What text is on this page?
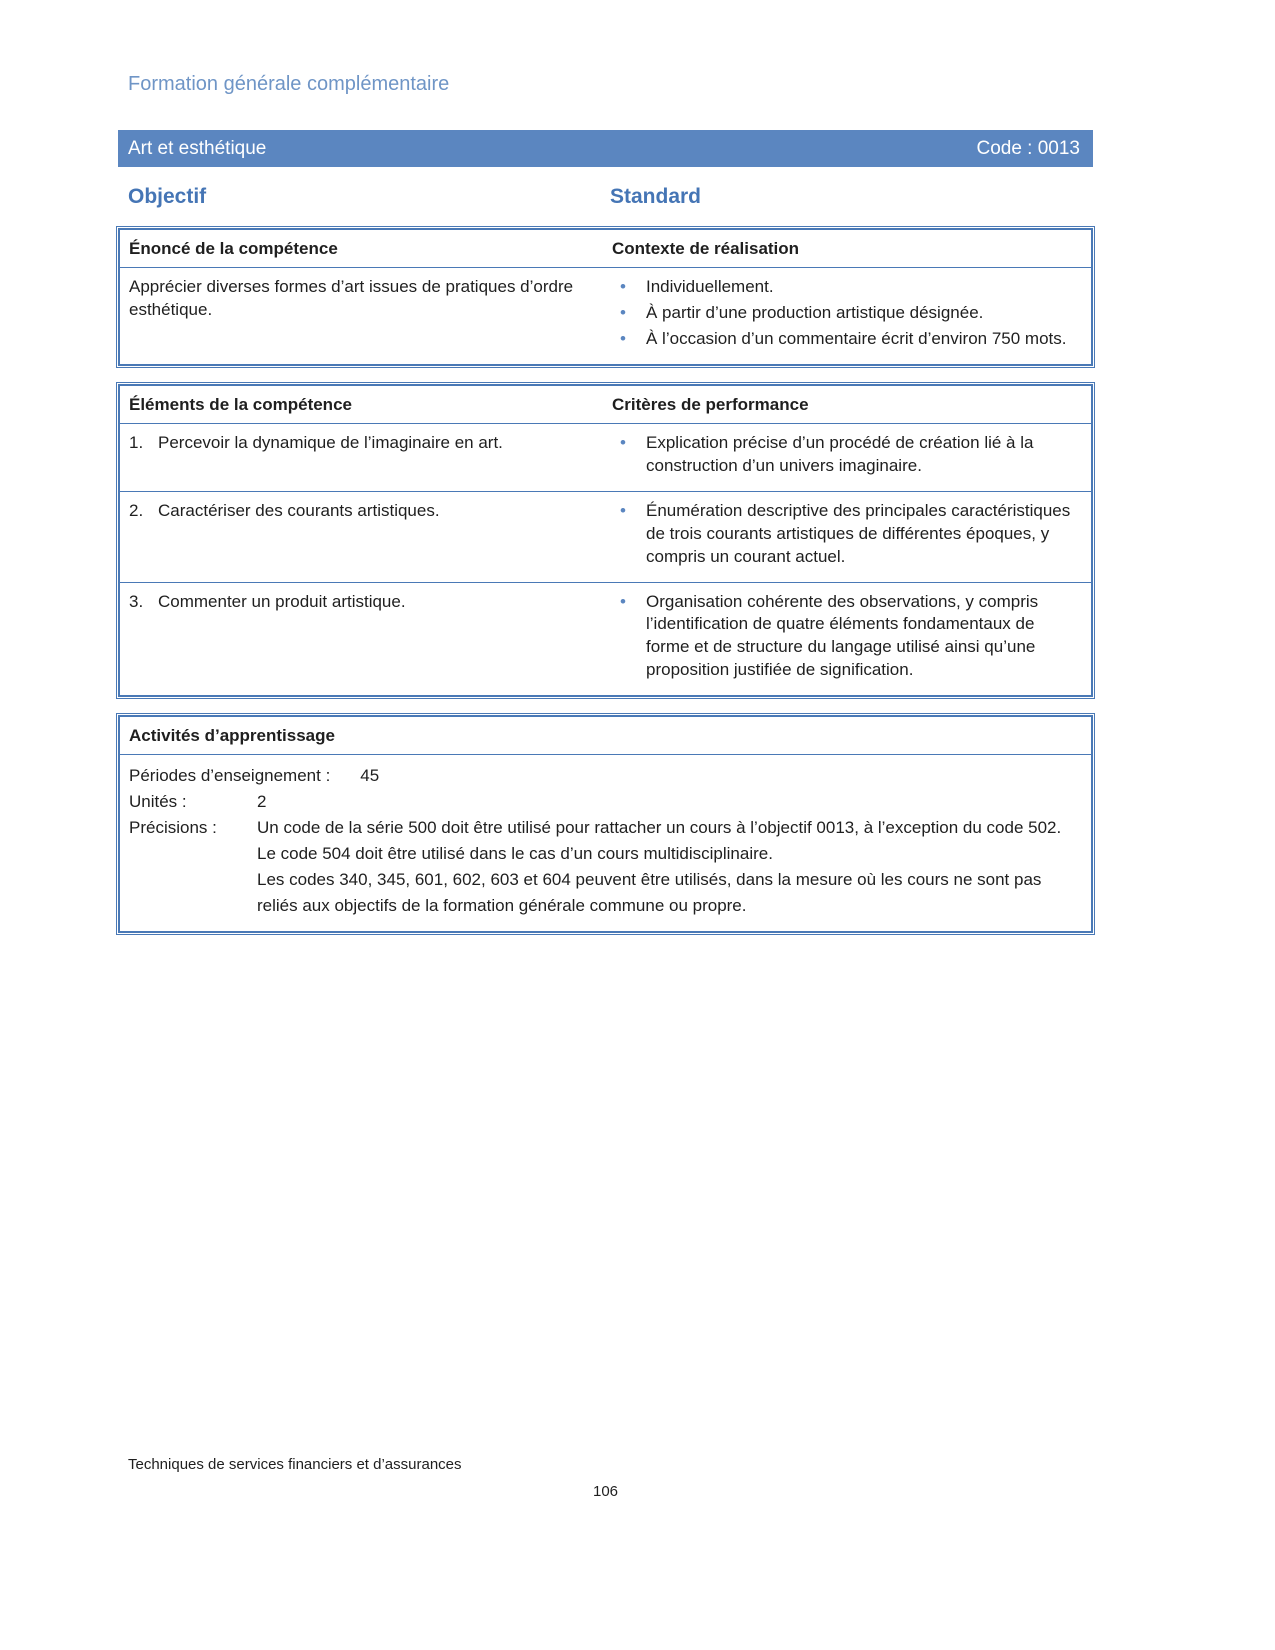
Formation générale complémentaire
Art et esthétique	Code : 0013
Objectif	Standard
Énoncé de la compétence	Contexte de réalisation
Apprécier diverses formes d’art issues de pratiques d’ordre esthétique.
•	Individuellement.
•	À partir d’une production artistique désignée.
•	À l’occasion d’un commentaire écrit d’environ 750 mots.
Éléments de la compétence	Critères de performance
1. Percevoir la dynamique de l’imaginaire en art.	•	Explication précise d’un procédé de création lié à la construction d’un univers imaginaire.
2. Caractériser des courants artistiques.	•	Énumération descriptive des principales caractéristiques de trois courants artistiques de différentes époques, y compris un courant actuel.
3. Commenter un produit artistique.	•	Organisation cohérente des observations, y compris l’identification de quatre éléments fondamentaux de forme et de structure du langage utilisé ainsi qu’une proposition justifiée de signification.
Activités d’apprentissage
Périodes d’enseignement : 45
Unités :	2
Précisions :	Un code de la série 500 doit être utilisé pour rattacher un cours à l’objectif 0013, à l’exception du code 502.

Le code 504 doit être utilisé dans le cas d’un cours multidisciplinaire.

Les codes 340, 345, 601, 602, 603 et 604 peuvent être utilisés, dans la mesure où les cours ne sont pas reliés aux objectifs de la formation générale commune ou propre.

Techniques de services financiers et d’assurances
106
